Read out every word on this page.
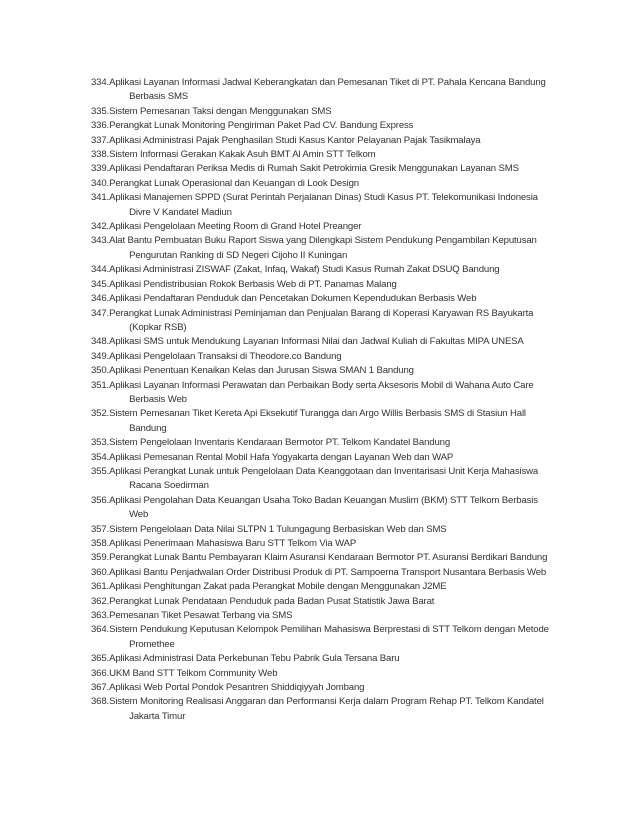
334. Aplikasi Layanan Informasi Jadwal Keberangkatan dan Pemesanan Tiket di PT. Pahala Kencana Bandung
Berbasis SMS
335. Sistem Pemesanan Taksi dengan Menggunakan SMS
336. Perangkat Lunak Monitoring Pengiriman Paket Pad CV. Bandung Express
337. Aplikasi Administrasi Pajak Penghasilan Studi Kasus Kantor Pelayanan Pajak Tasikmalaya
338. Sistem Informasi Gerakan Kakak Asuh BMT Al Amin STT Telkom
339. Aplikasi Pendaftaran Periksa Medis di Rumah Sakit Petrokimia Gresik Menggunakan Layanan SMS
340. Perangkat Lunak Operasional dan Keuangan di Look Design
341. Aplikasi Manajemen SPPD (Surat Perintah Perjalanan Dinas) Studi Kasus PT. Telekomunikasi Indonesia
Divre V Kandatel Madiun
342. Aplikasi Pengelolaan Meeting Room di Grand Hotel Preanger
343. Alat Bantu Pembuatan Buku Raport Siswa yang Dilengkapi Sistem Pendukung Pengambilan Keputusan
Pengurutan Ranking di SD Negeri Cijoho II Kuningan
344. Aplikasi Administrasi ZISWAF (Zakat, Infaq, Wakaf) Studi Kasus Rumah Zakat DSUQ Bandung
345. Aplikasi Pendistribusian Rokok Berbasis Web di PT. Panamas Malang
346. Aplikasi Pendaftaran Penduduk dan Pencetakan Dokumen Kependudukan Berbasis Web
347. Perangkat Lunak Administrasi Peminjaman dan Penjualan Barang di Koperasi Karyawan RS Bayukarta
(Kopkar RSB)
348. Aplikasi SMS untuk Mendukung Layanan Informasi Nilai dan Jadwal Kuliah di Fakultas MIPA UNESA
349. Aplikasi Pengelolaan Transaksi di Theodore.co Bandung
350. Aplikasi Penentuan Kenaikan Kelas dan Jurusan Siswa SMAN 1 Bandung
351. Aplikasi Layanan Informasi Perawatan dan Perbaikan Body serta Aksesoris Mobil di Wahana Auto Care
Berbasis Web
352. Sistem Pemesanan Tiket Kereta Api Eksekutif Turangga dan Argo Willis Berbasis SMS di Stasiun Hall
Bandung
353. Sistem Pengelolaan Inventaris Kendaraan Bermotor PT. Telkom Kandatel Bandung
354. Aplikasi Pemesanan Rental Mobil Hafa Yogyakarta dengan Layanan Web dan WAP
355. Aplikasi Perangkat Lunak untuk Pengelolaan Data Keanggotaan dan Inventarisasi Unit Kerja Mahasiswa
Racana Soedirman
356. Aplikasi Pengolahan Data Keuangan Usaha Toko Badan Keuangan Muslim (BKM) STT Telkom Berbasis
Web
357. Sistem Pengelolaan Data Nilai SLTPN 1 Tulungagung Berbasiskan Web dan SMS
358. Aplikasi Penerimaan Mahasiswa Baru STT Telkom Via WAP
359. Perangkat Lunak Bantu Pembayaran Klaim Asuransi Kendaraan Bermotor PT. Asuransi Berdikari Bandung
360. Aplikasi Bantu Penjadwalan Order Distribusi Produk di PT. Sampoerna Transport Nusantara Berbasis Web
361. Aplikasi Penghitungan Zakat pada Perangkat Mobile dengan Menggunakan J2ME
362. Perangkat Lunak Pendataan Penduduk pada Badan Pusat Statistik Jawa Barat
363. Pemesanan Tiket Pesawat Terbang via SMS
364. Sistem Pendukung Keputusan Kelompok Pemilihan Mahasiswa Berprestasi di STT Telkom dengan Metode
Promethee
365. Aplikasi Administrasi Data Perkebunan Tebu Pabrik Gula Tersana Baru
366. UKM Band STT Telkom Community Web
367. Aplikasi Web Portal Pondok Pesantren Shiddiqiyyah Jombang
368. Sistem Monitoring Realisasi Anggaran dan Performansi Kerja dalam Program Rehap PT. Telkom Kandatel
Jakarta Timur
